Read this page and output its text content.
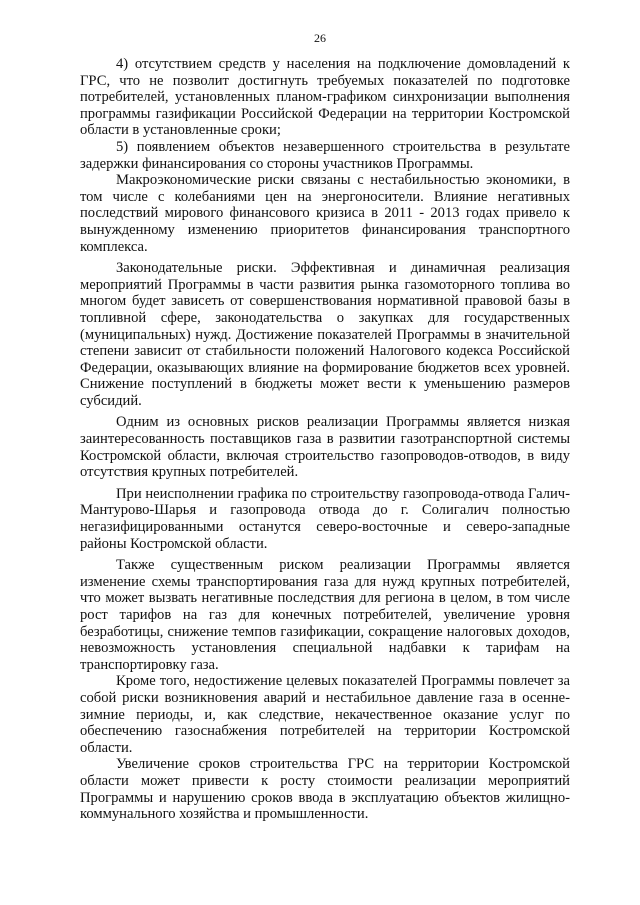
26

4) отсутствием средств у населения на подключение домовладений к ГРС, что не позволит достигнуть требуемых показателей по подготовке потребителей, установленных планом-графиком синхронизации выполнения программы газификации Российской Федерации на территории Костромской области в установленные сроки;

5) появлением объектов незавершенного строительства в результате задержки финансирования со стороны участников Программы.

Макроэкономические риски связаны с нестабильностью экономики, в том числе с колебаниями цен на энергоносители. Влияние негативных последствий мирового финансового кризиса в 2011 - 2013 годах привело к вынужденному изменению приоритетов финансирования транспортного комплекса.

Законодательные риски. Эффективная и динамичная реализация мероприятий Программы в части развития рынка газомоторного топлива во многом будет зависеть от совершенствования нормативной правовой базы в топливной сфере, законодательства о закупках для государственных (муниципальных) нужд. Достижение показателей Программы в значительной степени зависит от стабильности положений Налогового кодекса Российской Федерации, оказывающих влияние на формирование бюджетов всех уровней. Снижение поступлений в бюджеты может вести к уменьшению размеров субсидий.

Одним из основных рисков реализации Программы является низкая заинтересованность поставщиков газа в развитии газотранспортной системы Костромской области, включая строительство газопроводов-отводов, в виду отсутствия крупных потребителей.

При неисполнении графика по строительству газопровода-отвода Галич-Мантурово-Шарья и газопровода отвода до г. Солигалич полностью негазифицированными останутся северо-восточные и северо-западные районы Костромской области.

Также существенным риском реализации Программы является изменение схемы транспортирования газа для нужд крупных потребителей, что может вызвать негативные последствия для региона в целом, в том числе рост тарифов на газ для конечных потребителей, увеличение уровня безработицы, снижение темпов газификации, сокращение налоговых доходов, невозможность установления специальной надбавки к тарифам на транспортировку газа.

Кроме того, недостижение целевых показателей Программы повлечет за собой риски возникновения аварий и нестабильное давление газа в осенне-зимние периоды, и, как следствие, некачественное оказание услуг по обеспечению газоснабжения потребителей на территории Костромской области.

Увеличение сроков строительства ГРС на территории Костромской области может привести к росту стоимости реализации мероприятий Программы и нарушению сроков ввода в эксплуатацию объектов жилищно-коммунального хозяйства и промышленности.
